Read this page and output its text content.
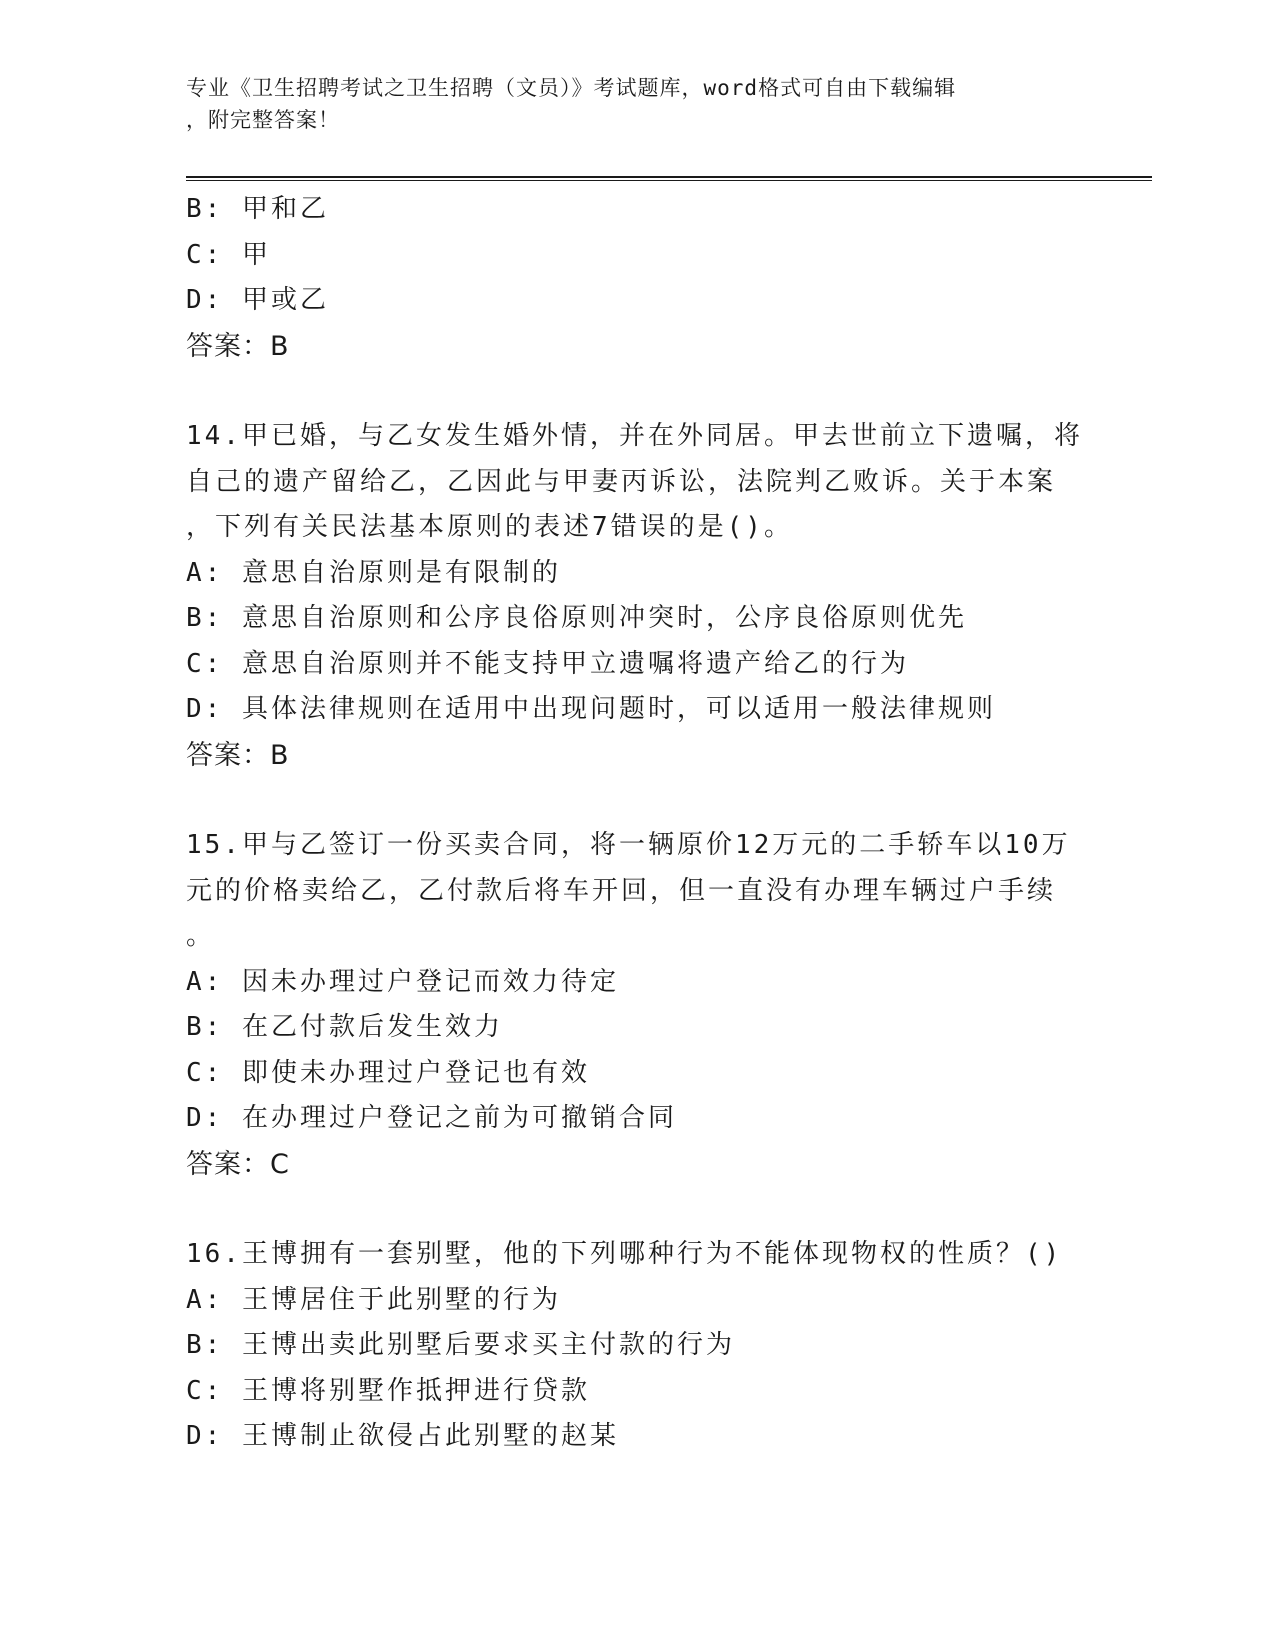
专业《卫生招聘考试之卫生招聘（文员）》考试题库，word格式可自由下载编辑
，附完整答案！
B: 甲和乙
C: 甲
D: 甲或乙
答案：B
14.甲已婚，与乙女发生婚外情，并在外同居。甲去世前立下遗嘱，将
自己的遗产留给乙，乙因此与甲妻丙诉讼，法院判乙败诉。关于本案
，下列有关民法基本原则的表述7错误的是()。
A: 意思自治原则是有限制的
B: 意思自治原则和公序良俗原则冲突时，公序良俗原则优先
C: 意思自治原则并不能支持甲立遗嘱将遗产给乙的行为
D: 具体法律规则在适用中出现问题时，可以适用一般法律规则
答案：B
15.甲与乙签订一份买卖合同，将一辆原价12万元的二手轿车以10万
元的价格卖给乙，乙付款后将车开回，但一直没有办理车辆过户手续
。
A: 因未办理过户登记而效力待定
B: 在乙付款后发生效力
C: 即使未办理过户登记也有效
D: 在办理过户登记之前为可撤销合同
答案：C
16.王博拥有一套别墅，他的下列哪种行为不能体现物权的性质？()
A: 王博居住于此别墅的行为
B: 王博出卖此别墅后要求买主付款的行为
C: 王博将别墅作抵押进行贷款
D: 王博制止欲侵占此别墅的赵某
